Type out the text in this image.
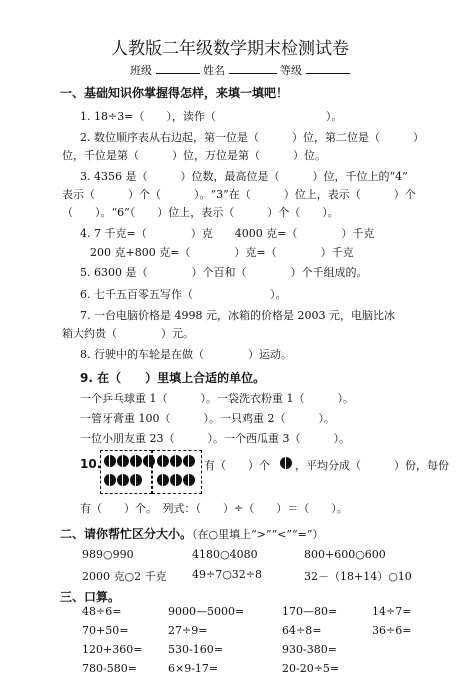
人教版二年级数学期末检测试卷
班级	姓名	等级
一、基础知识你掌握得怎样，来填一填吧！
1. 18÷3=（　　），读作（　　　　　　　　　　）。
2. 数位顺序表从右边起，第一位是（　　　）位，第二位是（　　　）
位，千位是第（　　　）位，万位是第（　　　）位。
3. 4356 是（　　　）位数，最高位是（　　　）位，千位上的“4”
表示（　　　）个（　　　）。“3”在（　　　）位上，表示（　　　）个
（　　）。“6”（　　）位上，表示（　　　）个（　　）。
4. 7 千克=（　　　　）克　　4000 克=（　　　　）千克
200 克+800 克=（　　　　）克=（　　　　）千克
5. 6300 是（　　　　）个百和（　　　　）个千组成的。
6. 七千五百零五写作（　　　　　　　）。
7. 一台电脑价格是 4998 元，冰箱的价格是 2003 元，电脑比冰
箱大约贵（　　　　）元。
8. 行驶中的车轮是在做（　　　　）运动。
9. 在（　　）里填上合适的单位。
一个乒乓球重 1（　　　）。一袋洗衣粉重 1（　　　）。
一管牙膏重 100（　　　）。一只鸡重 2（　　　）。
一位小朋友重 23（　　　）。一个西瓜重 3（　　　）。
10.	有（　　）个 ，平均分成（　　　）份，每份
有（　　）个。　列式：（　　）÷（　　）＝（　　）。
二、请你帮忙区分大小。（在○里填上“>”“<”“=”）
989○990	4180○4080	800+600○600
2000 克○2 千克 49÷7○32÷8	32－（18+14）○10
三、口算。
48÷6=	9000—5000=	170—80=	14÷7=
70+50=	27÷9=	64÷8=	36÷6=
120+360= 530-160=	930-380=
780-580=	6×9-17=	20-20÷5=
